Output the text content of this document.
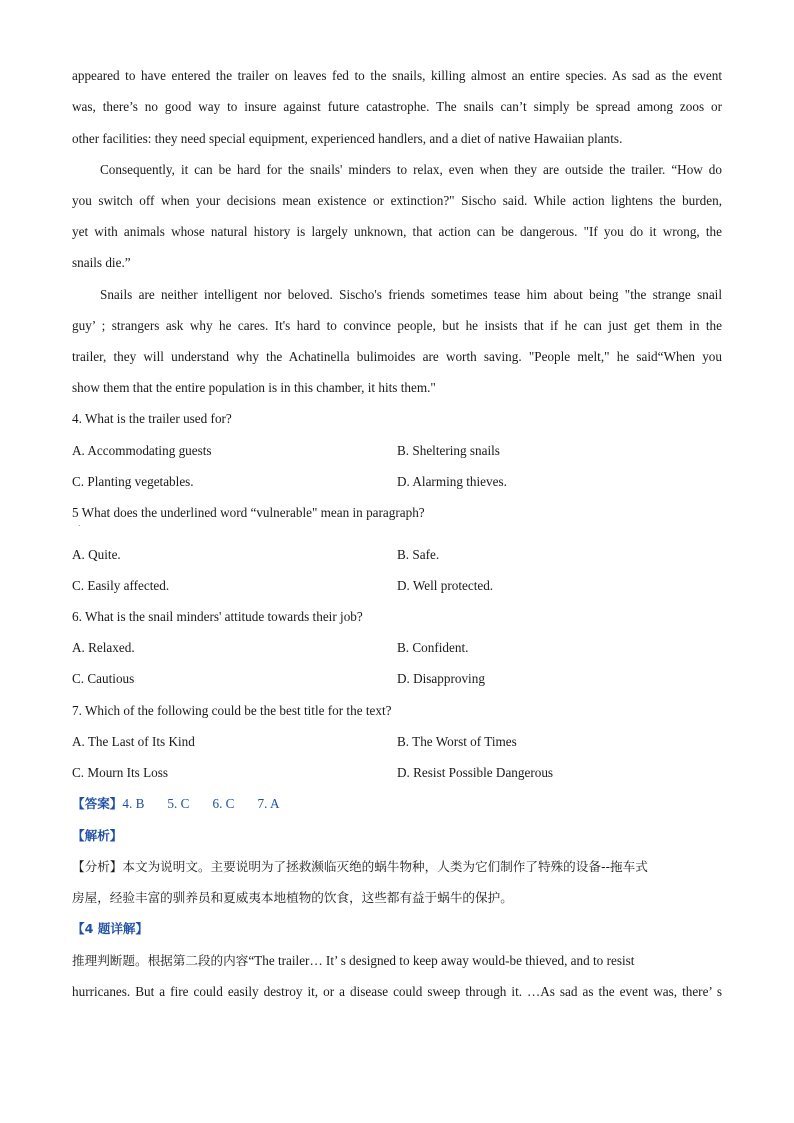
appeared to have entered the trailer on leaves fed to the snails, killing almost an entire species. As sad as the event
was, there’s no good way to insure against future catastrophe. The snails can’t simply be spread among zoos or
other facilities: they need special equipment, experienced handlers, and a diet of native Hawaiian plants.
Consequently, it can be hard for the snails' minders to relax, even when they are outside the trailer. “How do
you switch off when your decisions mean existence or extinction?" Sischo said. While action lightens the burden,
yet with animals whose natural history is largely unknown, that action can be dangerous. "If you do it wrong, the
snails die.”
Snails are neither intelligent nor beloved. Sischo's friends sometimes tease him about being "the strange snail
guy’ ; strangers ask why he cares. It's hard to convince people, but he insists that if he can just get them in the
trailer, they will understand why the Achatinella bulimoides are worth saving. "People melt," he said“When you
show them that the entire population is in this chamber, it hits them."
4. What is the trailer used for?
A. Accommodating guests	B. Sheltering snails
C. Planting vegetables.	D. Alarming thieves.
5 What does the underlined word “vulnerable" mean in paragraph?
·
A. Quite.	B. Safe.
C. Easily affected.	D. Well protected.
6. What is the snail minders' attitude towards their job?
A. Relaxed.	B. Confident.
C. Cautious	D. Disapproving
7. Which of the following could be the best title for the text?
A. The Last of Its Kind	B. The Worst of Times
C. Mourn Its Loss	D. Resist Possible Dangerous
【答案】4. B       5. C       6. C       7. A
【解析】
【分析】本文为说明文。主要说明为了拯救濒临灭绝的蜗牛物种，人类为它们制作了特殊的设备--拖车式
房屋，经验丰富的驯养员和夏威夷本地植物的饮食，这些都有益于蜗牛的保护。
【4 题详解】
推理判断题。根据第二段的内容“The trailer… It’ s designed to keep away would-be thieved, and to resist
hurricanes. But a fire could easily destroy it, or a disease could sweep through it. …As sad as the event was, there’ s
